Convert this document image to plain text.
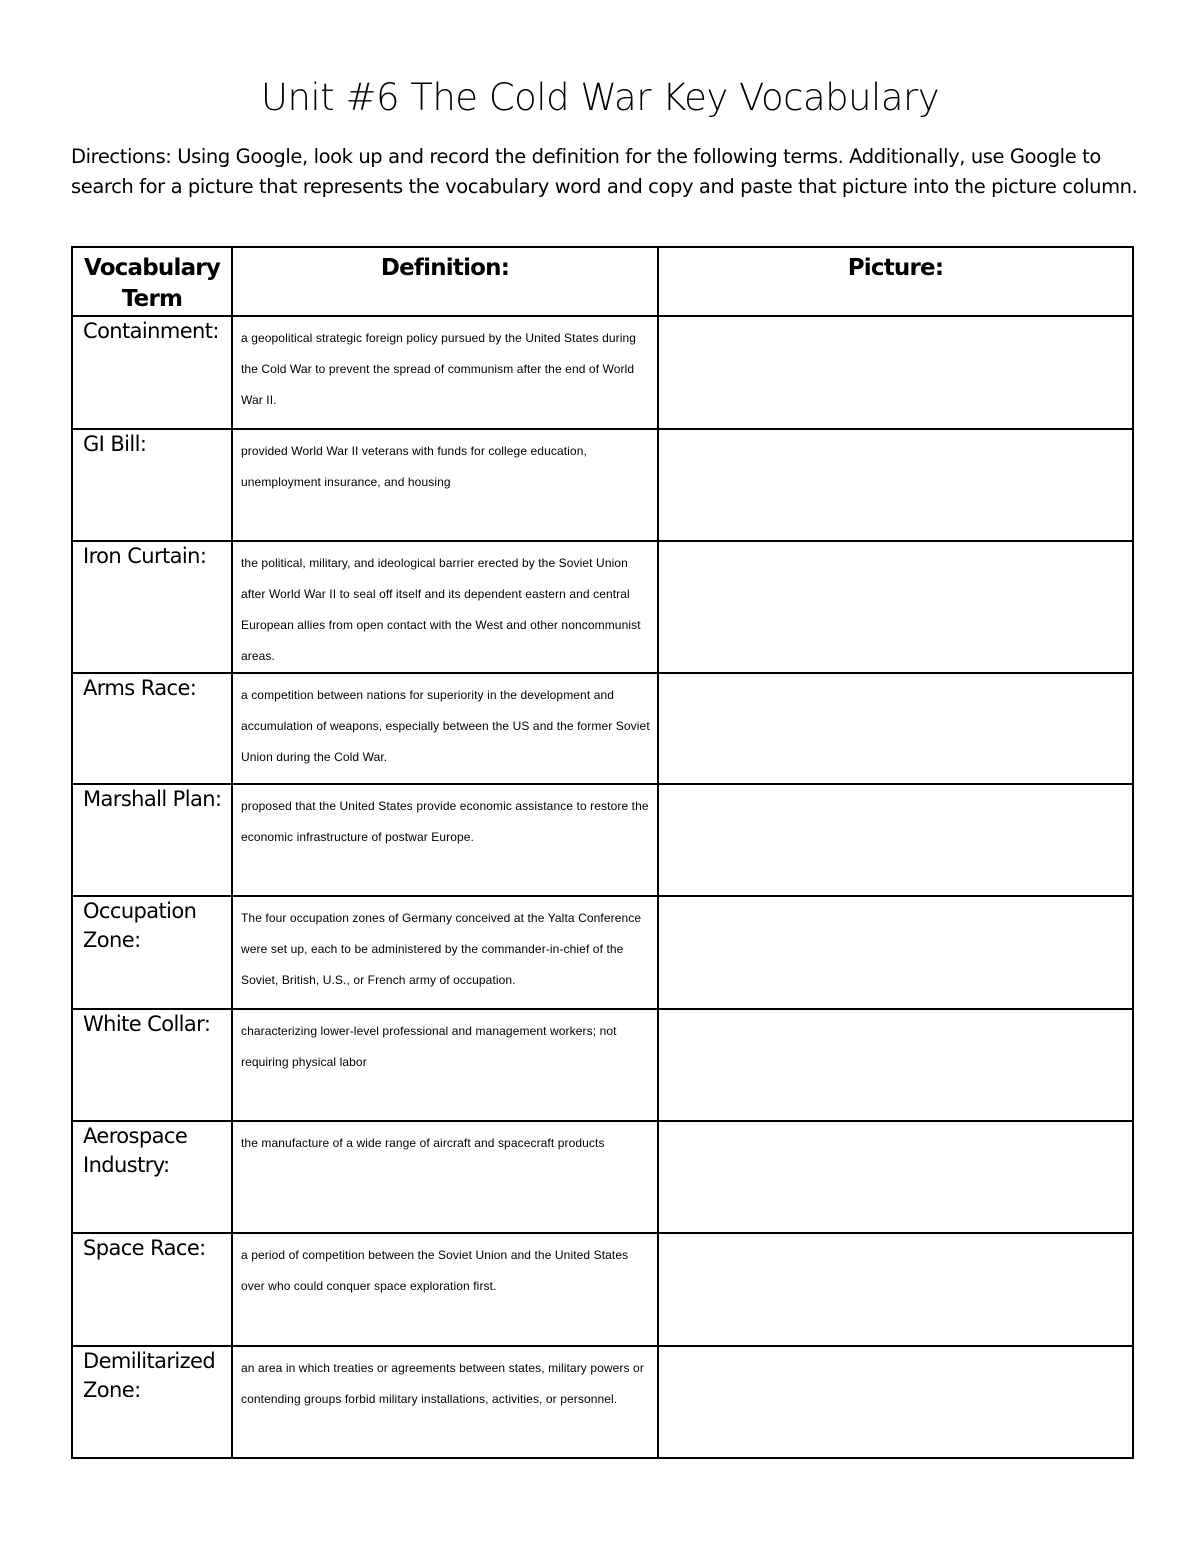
Unit #6 The Cold War Key Vocabulary
Directions: Using Google, look up and record the definition for the following terms. Additionally, use Google to search for a picture that represents the vocabulary word and copy and paste that picture into the picture column.
Vocabulary Term	Definition:	Picture:
Containment:	a geopolitical strategic foreign policy pursued by the United States during the Cold War to prevent the spread of communism after the end of World War II.	

GI Bill:	provided World War II veterans with funds for college education, unemployment insurance, and housing	

Iron Curtain:	the political, military, and ideological barrier erected by the Soviet Union after World War II to seal off itself and its dependent eastern and central European allies from open contact with the West and other noncommunist areas.	

Arms Race:	a competition between nations for superiority in the development and accumulation of weapons, especially between the US and the former Soviet Union during the Cold War.	

Marshall Plan:	proposed that the United States provide economic assistance to restore the economic infrastructure of postwar Europe.	

Occupation Zone:	The four occupation zones of Germany conceived at the Yalta Conference were set up, each to be administered by the commander-in-chief of the Soviet, British, U.S., or French army of occupation.	

White Collar:	characterizing lower-level professional and management workers; not requiring physical labor	

Aerospace Industry:	the manufacture of a wide range of aircraft and spacecraft products	

Space Race:	a period of competition between the Soviet Union and the United States over who could conquer space exploration first.	

Demilitarized Zone:	an area in which treaties or agreements between states, military powers or contending groups forbid military installations, activities, or personnel.	
